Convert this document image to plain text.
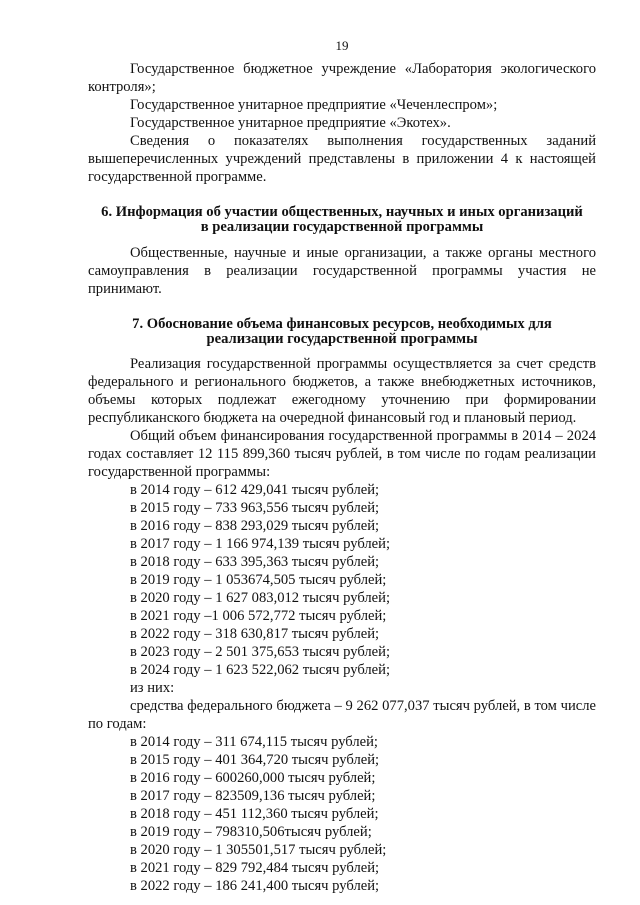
19

Государственное бюджетное учреждение «Лаборатория экологического контроля»;

Государственное унитарное предприятие «Чеченлеспром»;

Государственное унитарное предприятие «Экотех».

Сведения о показателях выполнения государственных заданий вышеперечисленных учреждений представлены в приложении 4 к настоящей государственной программе.

6. Информация об участии общественных, научных и иных организаций
в реализации государственной программы

Общественные, научные и иные организации, а также органы местного самоуправления в реализации государственной программы участия не принимают.

7. Обоснование объема финансовых ресурсов, необходимых для
реализации государственной программы

Реализация государственной программы осуществляется за счет средств федерального и регионального бюджетов, а также внебюджетных источников, объемы которых подлежат ежегодному уточнению при формировании республиканского бюджета на очередной финансовый год и плановый период.

Общий объем финансирования государственной программы в 2014 – 2024 годах составляет 12 115 899,360 тысяч рублей, в том числе по годам реализации государственной программы:

в 2014 году – 612 429,041 тысяч рублей;
в 2015 году – 733 963,556 тысяч рублей;
в 2016 году – 838 293,029 тысяч рублей;
в 2017 году – 1 166 974,139 тысяч рублей;
в 2018 году – 633 395,363 тысяч рублей;
в 2019 году – 1 053674,505 тысяч рублей;
в 2020 году – 1 627 083,012 тысяч рублей;
в 2021 году –1 006 572,772 тысяч рублей;
в 2022 году – 318 630,817 тысяч рублей;
в 2023 году – 2 501 375,653 тысяч рублей;
в 2024 году – 1 623 522,062 тысяч рублей;
из них:

средства федерального бюджета – 9 262 077,037 тысяч рублей, в том числе по годам:

в 2014 году – 311 674,115 тысяч рублей;
в 2015 году – 401 364,720 тысяч рублей;
в 2016 году – 600260,000 тысяч рублей;
в 2017 году – 823509,136 тысяч рублей;
в 2018 году – 451 112,360 тысяч рублей;
в 2019 году – 798310,506тысяч рублей;
в 2020 году – 1 305501,517 тысяч рублей;
в 2021 году – 829 792,484 тысяч рублей;
в 2022 году – 186 241,400 тысяч рублей;
